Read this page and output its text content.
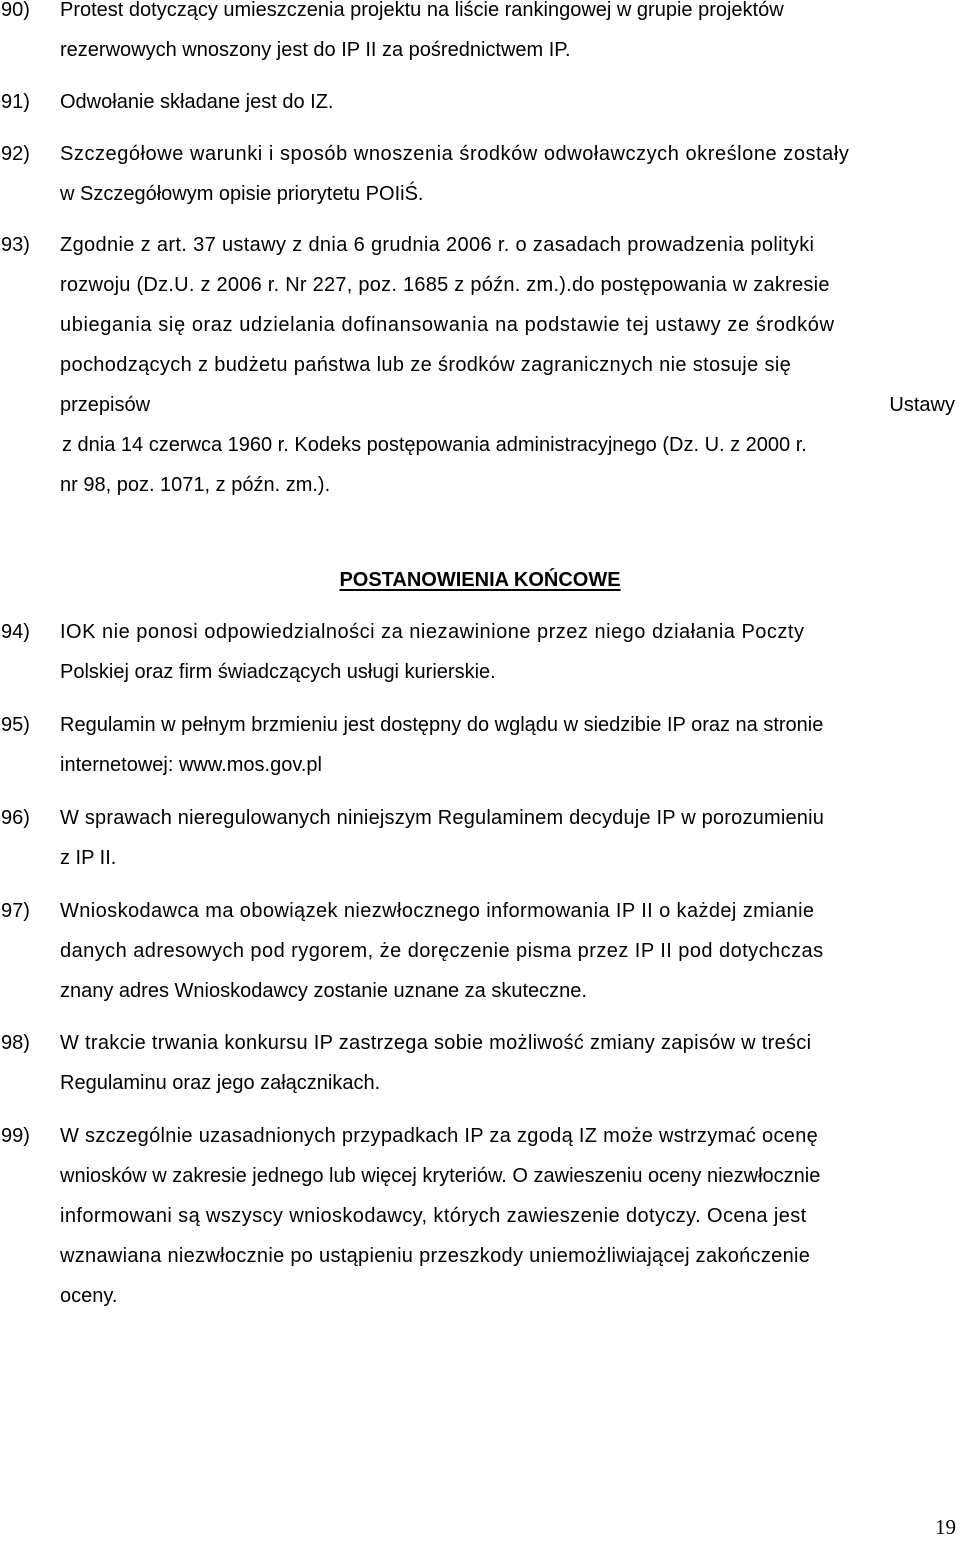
90) Protest dotyczący umieszczenia projektu na liście rankingowej w grupie projektów
rezerwowych wnoszony jest do IP II za pośrednictwem IP.
91) Odwołanie składane jest do IZ.
92) Szczegółowe warunki i sposób wnoszenia środków odwoławczych określone zostały
w Szczegółowym opisie priorytetu POIiŚ.
93) Zgodnie z art. 37 ustawy z dnia 6 grudnia 2006 r. o zasadach prowadzenia polityki
rozwoju (Dz.U. z 2006 r. Nr 227, poz. 1685 z późn. zm.).do postępowania w zakresie
ubiegania się oraz udzielania dofinansowania na podstawie tej ustawy ze środków
pochodzących z budżetu państwa lub ze środków zagranicznych nie stosuje się
przepisów	Ustawy
z dnia 14 czerwca 1960 r. Kodeks postępowania administracyjnego (Dz. U. z 2000 r.
nr 98, poz. 1071, z późn. zm.).
POSTANOWIENIA KOŃCOWE
94) IOK nie ponosi odpowiedzialności za niezawinione przez niego działania Poczty
Polskiej oraz firm świadczących usługi kurierskie.
95) Regulamin w pełnym brzmieniu jest dostępny do wglądu w siedzibie IP oraz na stronie
internetowej: www.mos.gov.pl
96) W sprawach nieregulowanych niniejszym Regulaminem decyduje IP w porozumieniu
z IP II.
97) Wnioskodawca ma obowiązek niezwłocznego informowania IP II o każdej zmianie
danych adresowych pod rygorem, że doręczenie pisma przez IP II pod dotychczas
znany adres Wnioskodawcy zostanie uznane za skuteczne.
98) W trakcie trwania konkursu IP zastrzega sobie możliwość zmiany zapisów w treści
Regulaminu oraz jego załącznikach.
99) W szczególnie uzasadnionych przypadkach IP za zgodą IZ może wstrzymać ocenę
wniosków w zakresie jednego lub więcej kryteriów. O zawieszeniu oceny niezwłocznie
informowani są wszyscy wnioskodawcy, których zawieszenie dotyczy. Ocena jest
wznawiana niezwłocznie po ustąpieniu przeszkody uniemożliwiającej zakończenie
oceny.
19
